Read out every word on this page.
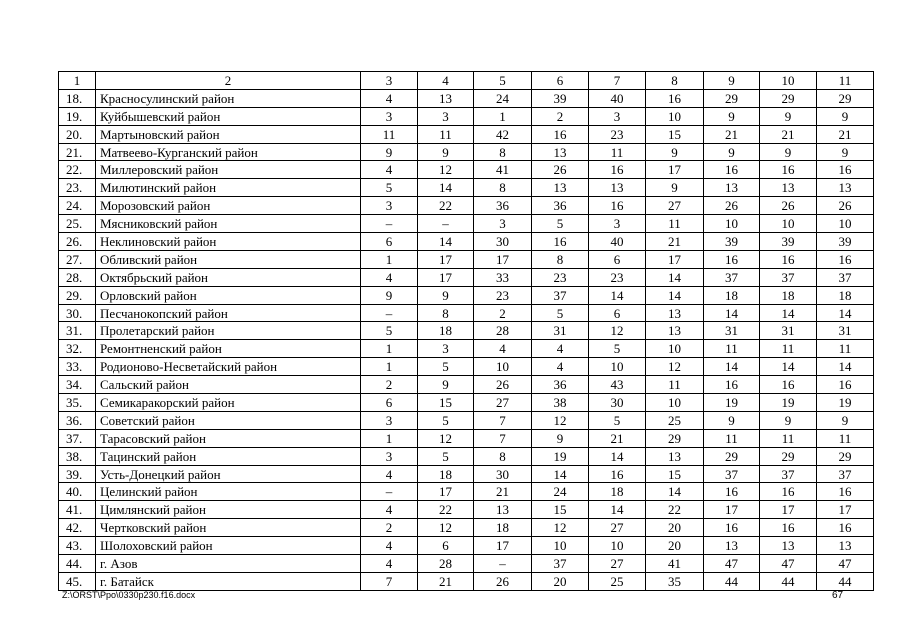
1	2	3	4	5	6	7	8	9	10	11
18.	Красносулинский район	4	13	24	39	40	16	29	29	29
19.	Куйбышевский район	3	3	1	2	3	10	9	9	9
20.	Мартыновский район	11	11	42	16	23	15	21	21	21
21.	Матвеево-Курганский район	9	9	8	13	11	9	9	9	9
22.	Миллеровский район	4	12	41	26	16	17	16	16	16
23.	Милютинский район	5	14	8	13	13	9	13	13	13
24.	Морозовский район	3	22	36	36	16	27	26	26	26
25.	Мясниковский район	–	–	3	5	3	11	10	10	10
26.	Неклиновский район	6	14	30	16	40	21	39	39	39
27.	Обливский район	1	17	17	8	6	17	16	16	16
28.	Октябрьский район	4	17	33	23	23	14	37	37	37
29.	Орловский район	9	9	23	37	14	14	18	18	18
30.	Песчанокопский район	–	8	2	5	6	13	14	14	14
31.	Пролетарский район	5	18	28	31	12	13	31	31	31
32.	Ремонтненский район	1	3	4	4	5	10	11	11	11
33.	Родионово-Несветайский район	1	5	10	4	10	12	14	14	14
34.	Сальский район	2	9	26	36	43	11	16	16	16
35.	Семикаракорский район	6	15	27	38	30	10	19	19	19
36.	Советский район	3	5	7	12	5	25	9	9	9
37.	Тарасовский район	1	12	7	9	21	29	11	11	11
38.	Тацинский район	3	5	8	19	14	13	29	29	29
39.	Усть-Донецкий район	4	18	30	14	16	15	37	37	37
40.	Целинский район	–	17	21	24	18	14	16	16	16
41.	Цимлянский район	4	22	13	15	14	22	17	17	17
42.	Чертковский район	2	12	18	12	27	20	16	16	16
43.	Шолоховский район	4	6	17	10	10	20	13	13	13
44.	г. Азов	4	28	–	37	27	41	47	47	47
45.	г. Батайск	7	21	26	20	25	35	44	44	44
Z:\ORST\Ppo\0330p230.f16.docx	67
